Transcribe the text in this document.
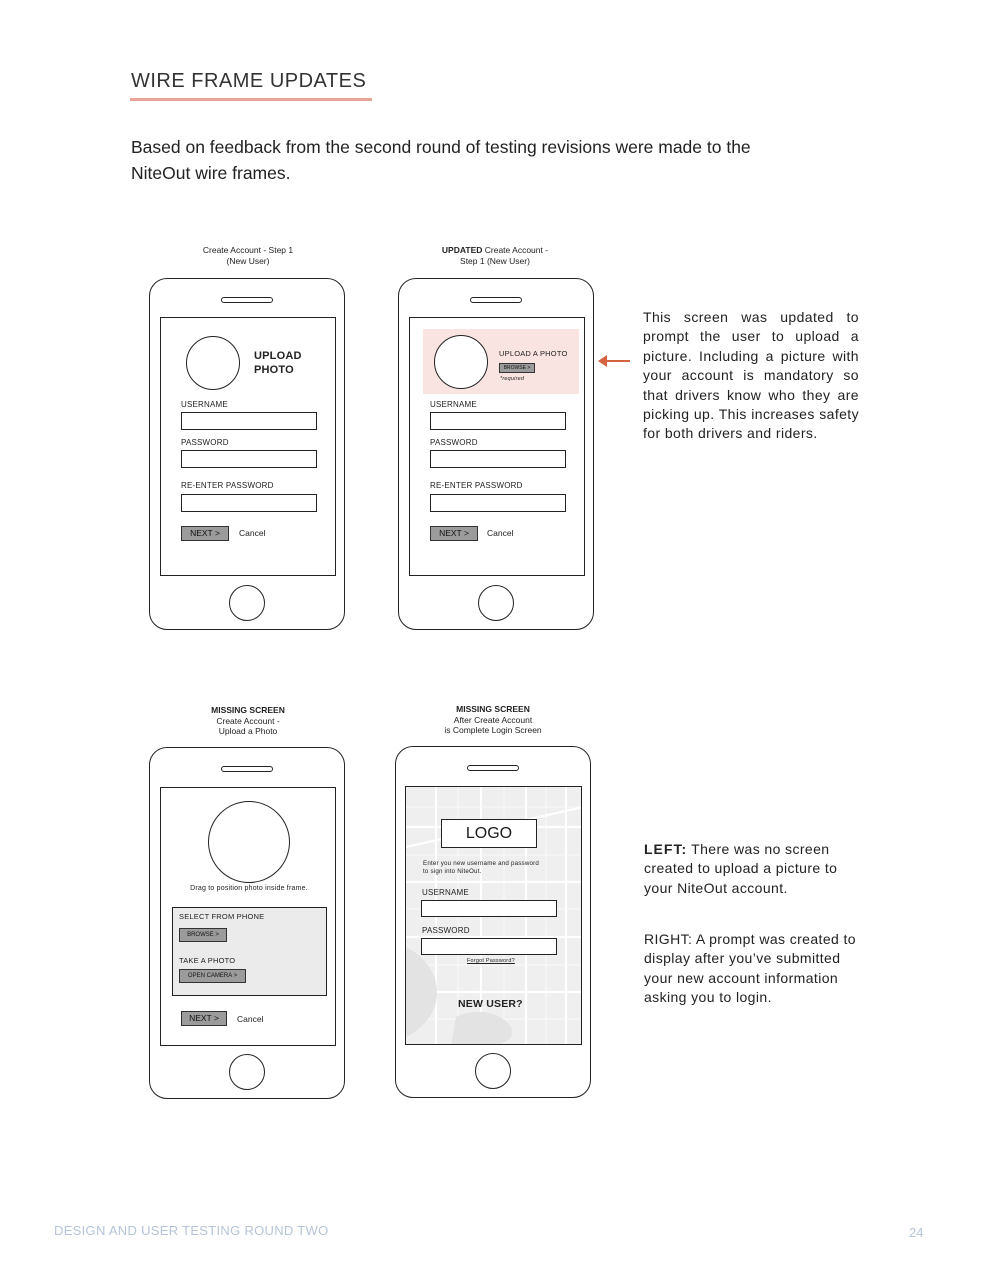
WIRE FRAME UPDATES
Based on feedback from the second round of testing revisions were made to the NiteOut wire frames.
Create Account - Step 1
(New User)
UPLOAD
PHOTO
USERNAME
PASSWORD
RE-ENTER PASSWORD
NEXT >	Cancel
UPDATED Create Account -
Step 1 (New User)
UPLOAD A PHOTO
BROWSE >
*required
USERNAME
PASSWORD
RE-ENTER PASSWORD
NEXT >	Cancel
This screen was updated to prompt the user to upload a picture. Including a picture with your account is mandatory so that drivers know who they are picking up. This increases safety for both drivers and riders.
MISSING SCREEN
Create Account -
Upload a Photo
Drag to position photo inside frame.
SELECT FROM PHONE
BROWSE >
TAKE A PHOTO
OPEN CAMERA >
NEXT >	Cancel
MISSING SCREEN
After Create Account
is Complete Login Screen
LOGO
Enter you new username and password
to sign into NiteOut.
USERNAME
PASSWORD
Forgot Password?
NEW USER?
LEFT: There was no screen created to upload a picture to your NiteOut account.
RIGHT: A prompt was created to display after you’ve submitted your new account information asking you to login.
DESIGN AND USER TESTING ROUND TWO	24
